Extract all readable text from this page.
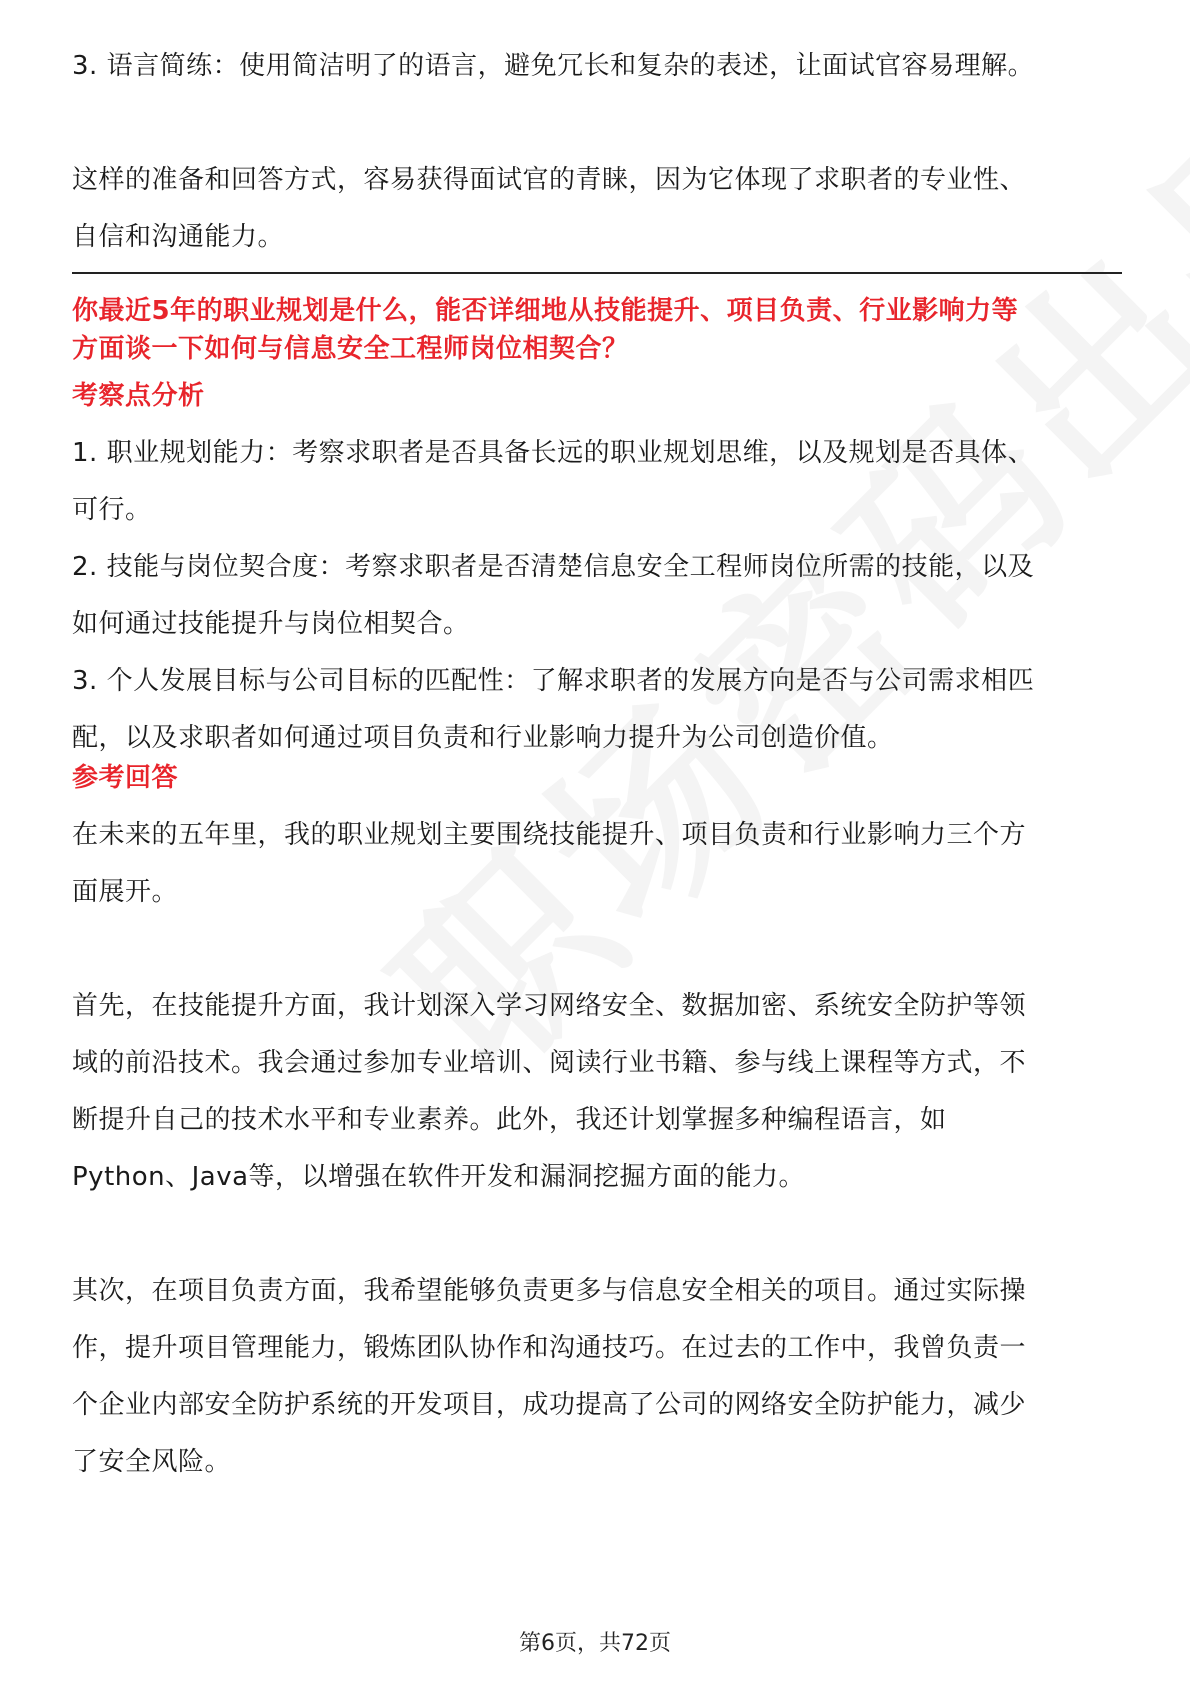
3. 语言简练：使用简洁明了的语言，避免冗长和复杂的表述，让面试官容易理解。

这样的准备和回答方式，容易获得面试官的青睐，因为它体现了求职者的专业性、

自信和沟通能力。

你最近5年的职业规划是什么，能否详细地从技能提升、项目负责、行业影响力等

方面谈一下如何与信息安全工程师岗位相契合？

考察点分析

1. 职业规划能力：考察求职者是否具备长远的职业规划思维，以及规划是否具体、

可行。

2. 技能与岗位契合度：考察求职者是否清楚信息安全工程师岗位所需的技能，以及

如何通过技能提升与岗位相契合。

3. 个人发展目标与公司目标的匹配性：了解求职者的发展方向是否与公司需求相匹

配，以及求职者如何通过项目负责和行业影响力提升为公司创造价值。

参考回答

在未来的五年里，我的职业规划主要围绕技能提升、项目负责和行业影响力三个方

面展开。

首先，在技能提升方面，我计划深入学习网络安全、数据加密、系统安全防护等领

域的前沿技术。我会通过参加专业培训、阅读行业书籍、参与线上课程等方式，不

断提升自己的技术水平和专业素养。此外，我还计划掌握多种编程语言，如

Python、Java等，以增强在软件开发和漏洞挖掘方面的能力。

其次，在项目负责方面，我希望能够负责更多与信息安全相关的项目。通过实际操

作，提升项目管理能力，锻炼团队协作和沟通技巧。在过去的工作中，我曾负责一

个企业内部安全防护系统的开发项目，成功提高了公司的网络安全防护能力，减少

了安全风险。

第6页，共72页
